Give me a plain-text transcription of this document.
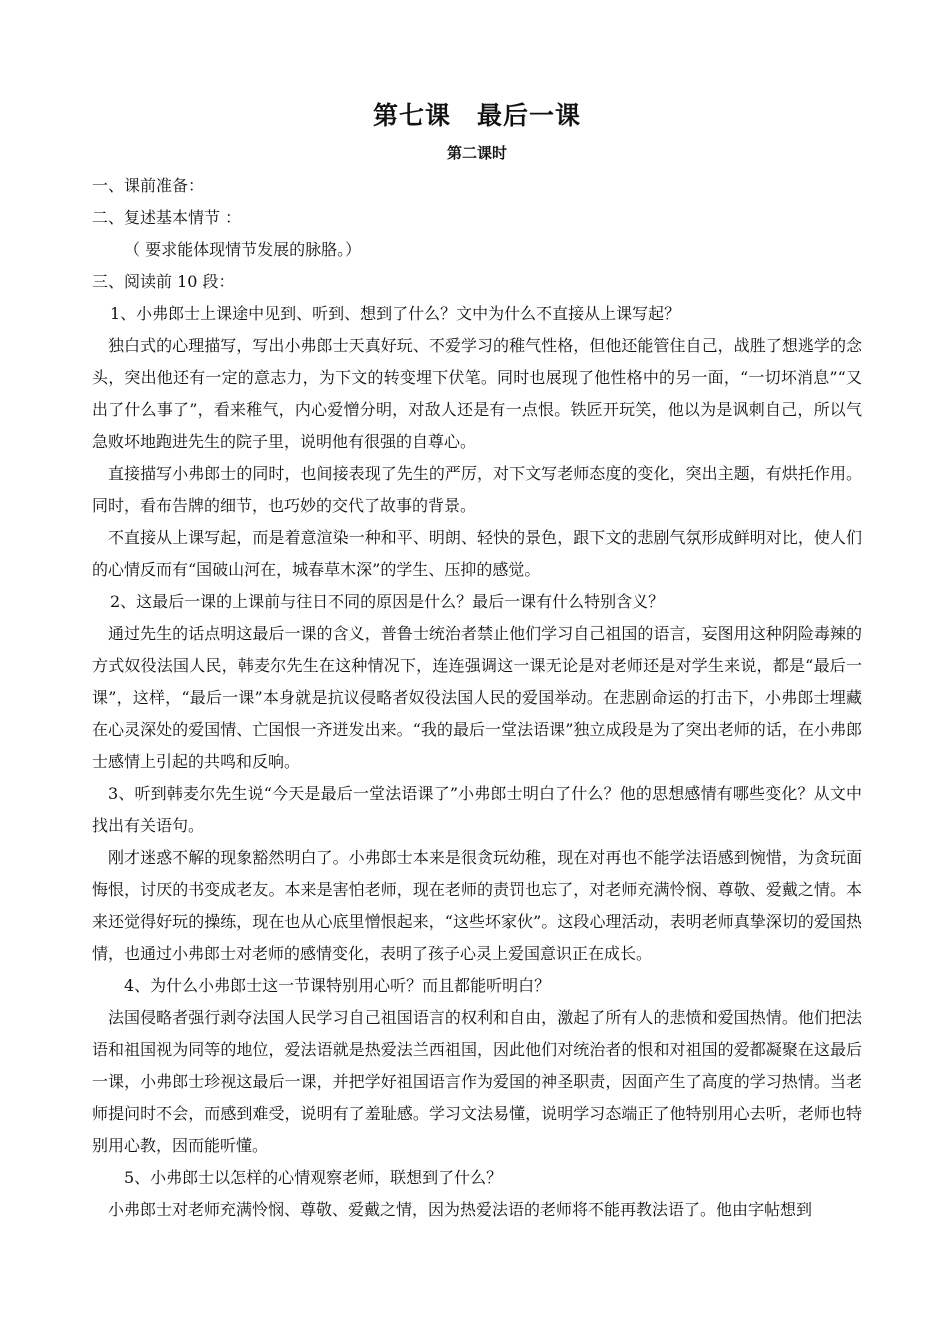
第七课　最后一课
第二课时

一、课前准备：

二、复述基本情节 ：

（ 要求能体现情节发展的脉胳。）

三、阅读前 10 段：

1、小弗郎士上课途中见到、听到、想到了什么？文中为什么不直接从上课写起？

独白式的心理描写，写出小弗郎士天真好玩、不爱学习的稚气性格，但他还能管住自己，战胜了想逃学的念头，突出他还有一定的意志力，为下文的转变埋下伏笔。同时也展现了他性格中的另一面，“一切坏消息”“又出了什么事了”，看来稚气，内心爱憎分明，对敌人还是有一点恨。铁匠开玩笑，他以为是讽刺自己，所以气急败坏地跑进先生的院子里，说明他有很强的自尊心。

直接描写小弗郎士的同时，也间接表现了先生的严厉，对下文写老师态度的变化，突出主题，有烘托作用。同时，看布告牌的细节，也巧妙的交代了故事的背景。

不直接从上课写起，而是着意渲染一种和平、明朗、轻快的景色，跟下文的悲剧气氛形成鲜明对比，使人们的心情反而有“国破山河在，城春草木深”的学生、压抑的感觉。

2、这最后一课的上课前与往日不同的原因是什么？最后一课有什么特别含义？

通过先生的话点明这最后一课的含义，普鲁士统治者禁止他们学习自己祖国的语言，妄图用这种阴险毒辣的方式奴役法国人民，韩麦尔先生在这种情况下，连连强调这一课无论是对老师还是对学生来说，都是“最后一课”，这样，“最后一课”本身就是抗议侵略者奴役法国人民的爱国举动。在悲剧命运的打击下，小弗郎士埋藏在心灵深处的爱国情、亡国恨一齐迸发出来。“我的最后一堂法语课”独立成段是为了突出老师的话，在小弗郎士感情上引起的共鸣和反响。

3、听到韩麦尔先生说“今天是最后一堂法语课了”小弗郎士明白了什么？他的思想感情有哪些变化？从文中找出有关语句。

刚才迷惑不解的现象豁然明白了。小弗郎士本来是很贪玩幼稚，现在对再也不能学法语感到惋惜，为贪玩面悔恨，讨厌的书变成老友。本来是害怕老师，现在老师的责罚也忘了，对老师充满怜悯、尊敬、爱戴之情。本来还觉得好玩的操练，现在也从心底里憎恨起来，“这些坏家伙”。这段心理活动，表明老师真挚深切的爱国热情，也通过小弗郎士对老师的感情变化，表明了孩子心灵上爱国意识正在成长。

4、为什么小弗郎士这一节课特别用心听？而且都能听明白？

法国侵略者强行剥夺法国人民学习自己祖国语言的权利和自由，激起了所有人的悲愤和爱国热情。他们把法语和祖国视为同等的地位，爱法语就是热爱法兰西祖国，因此他们对统治者的恨和对祖国的爱都凝聚在这最后一课，小弗郎士珍视这最后一课，并把学好祖国语言作为爱国的神圣职责，因面产生了高度的学习热情。当老师提问时不会，而感到难受，说明有了羞耻感。学习文法易懂，说明学习态端正了他特别用心去听，老师也特别用心教，因而能听懂。

5、小弗郎士以怎样的心情观察老师，联想到了什么？

小弗郎士对老师充满怜悯、尊敬、爱戴之情，因为热爱法语的老师将不能再教法语了。他由字帖想到
